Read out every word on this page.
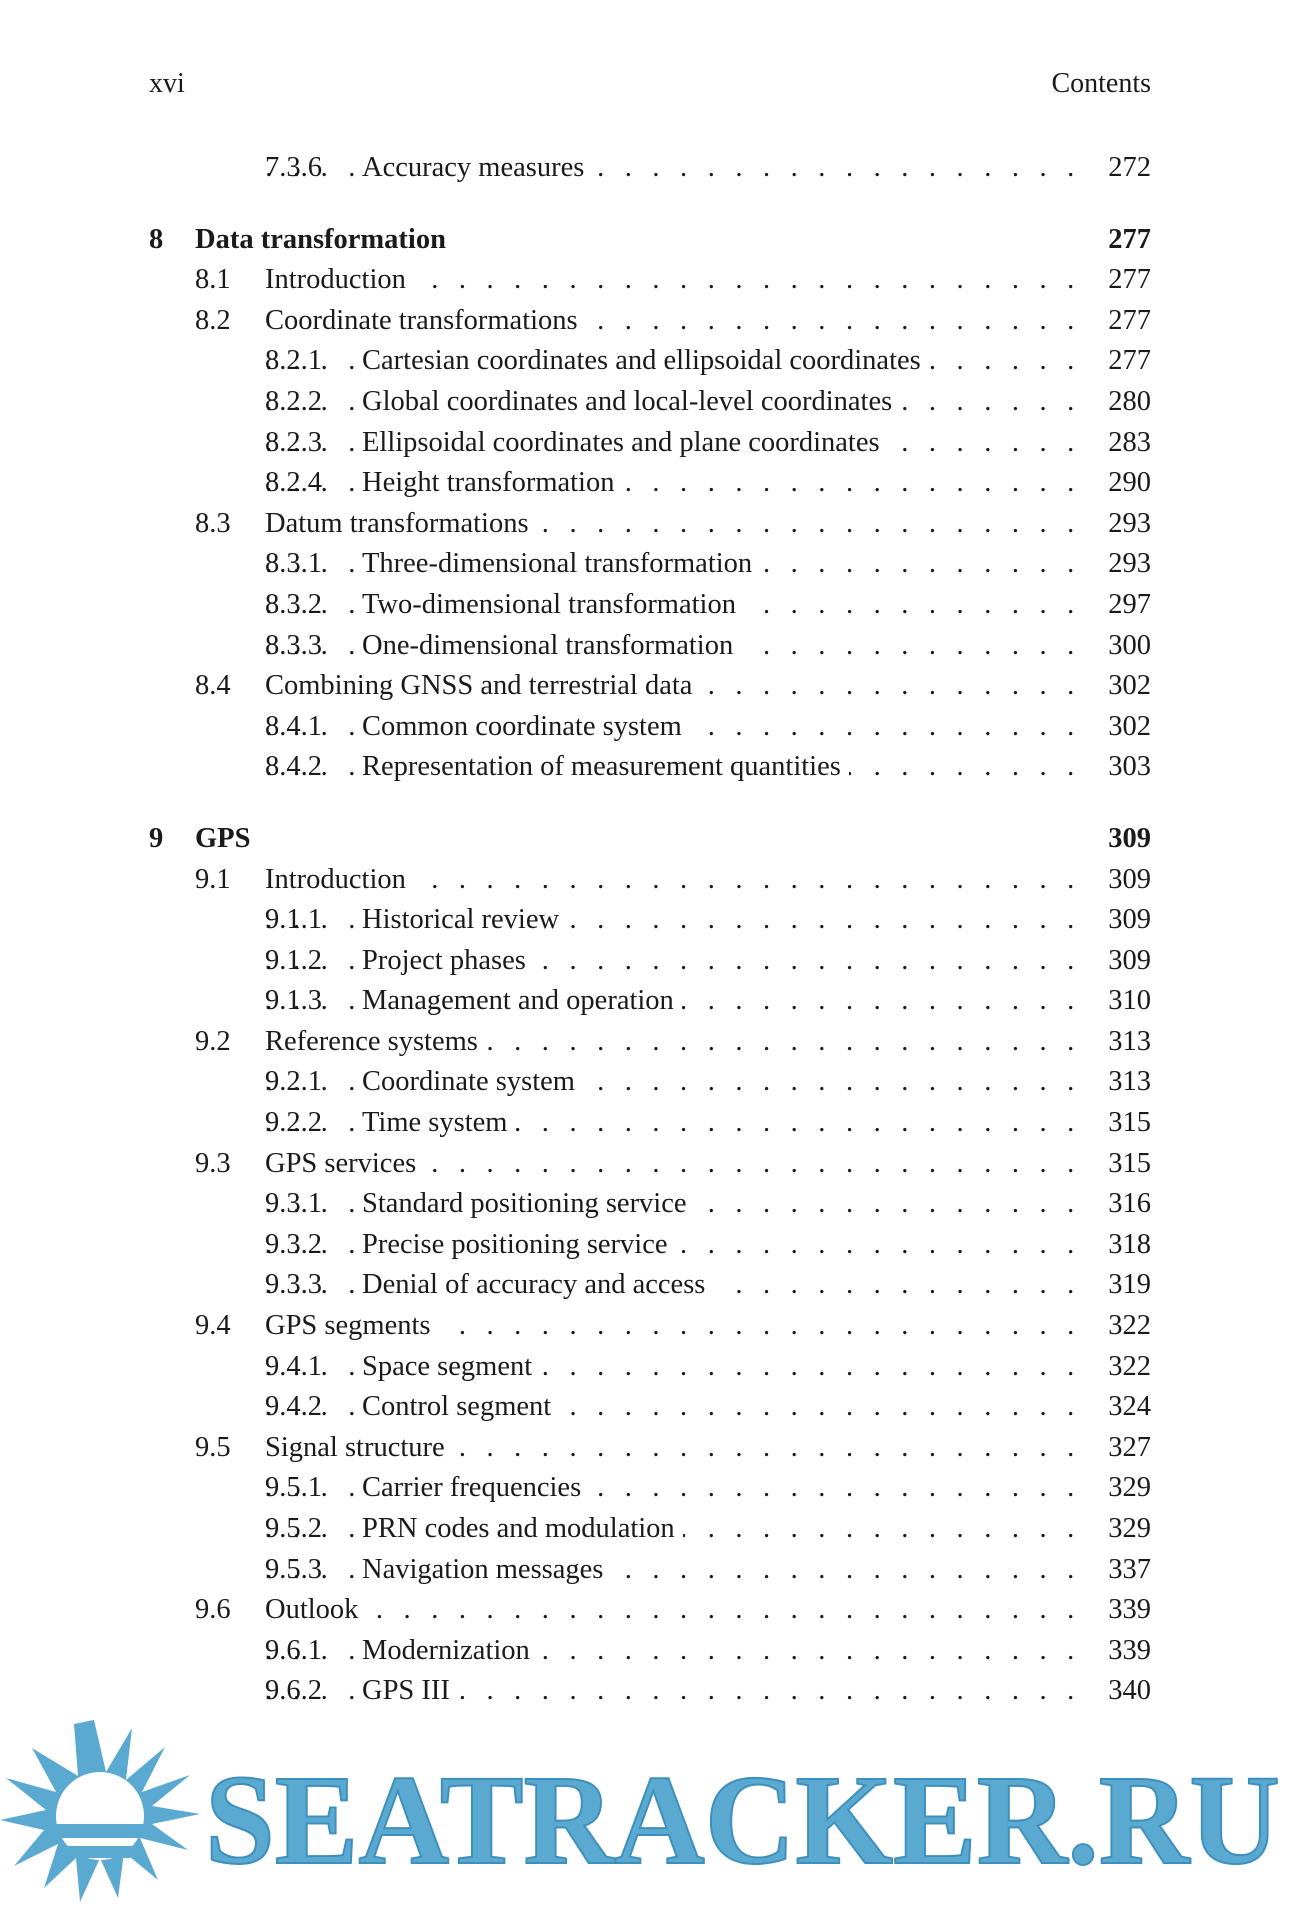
xvi	Contents
. . .
7.3.6 Accuracy measures	272
8 Data transformation	277
. . .
8.1 Introduction	277
. . .
8.2 Coordinate transformations	277
. . .
8.2.1 Cartesian coordinates and ellipsoidal coordinates	277
. . .
8.2.2 Global coordinates and local-level coordinates	280
. . .
8.2.3 Ellipsoidal coordinates and plane coordinates	283
. . .
8.2.4 Height transformation	290
. . .
8.3 Datum transformations	293
. . .
8.3.1 Three-dimensional transformation	293
. . .
8.3.2 Two-dimensional transformation	297
. . .
8.3.3 One-dimensional transformation	300
. . .
8.4 Combining GNSS and terrestrial data	302
. . .
8.4.1 Common coordinate system	302
. . .
8.4.2 Representation of measurement quantities	303
9 GPS	309
. . .
9.1 Introduction	309
. . .
9.1.1 Historical review	309
. . .
9.1.2 Project phases	309
. . .
9.1.3 Management and operation	310
. . .
9.2 Reference systems	313
. . .
9.2.1 Coordinate system	313
. . .
9.2.2 Time system	315
. . .
9.3 GPS services	315
. . .
9.3.1 Standard positioning service	316
. . .
9.3.2 Precise positioning service	318
. . .
9.3.3 Denial of accuracy and access	319
. . .
9.4 GPS segments	322
. . .
9.4.1 Space segment	322
. . .
9.4.2 Control segment	324
. . .
9.5 Signal structure	327
. . .
9.5.1 Carrier frequencies	329
. . .
9.5.2 PRN codes and modulation	329
. . .
9.5.3 Navigation messages	337
. . .
9.6 Outlook	339
. . .
9.6.1 Modernization	339
. . .
9.6.2 GPS III	340
SEATRACKER.RU
